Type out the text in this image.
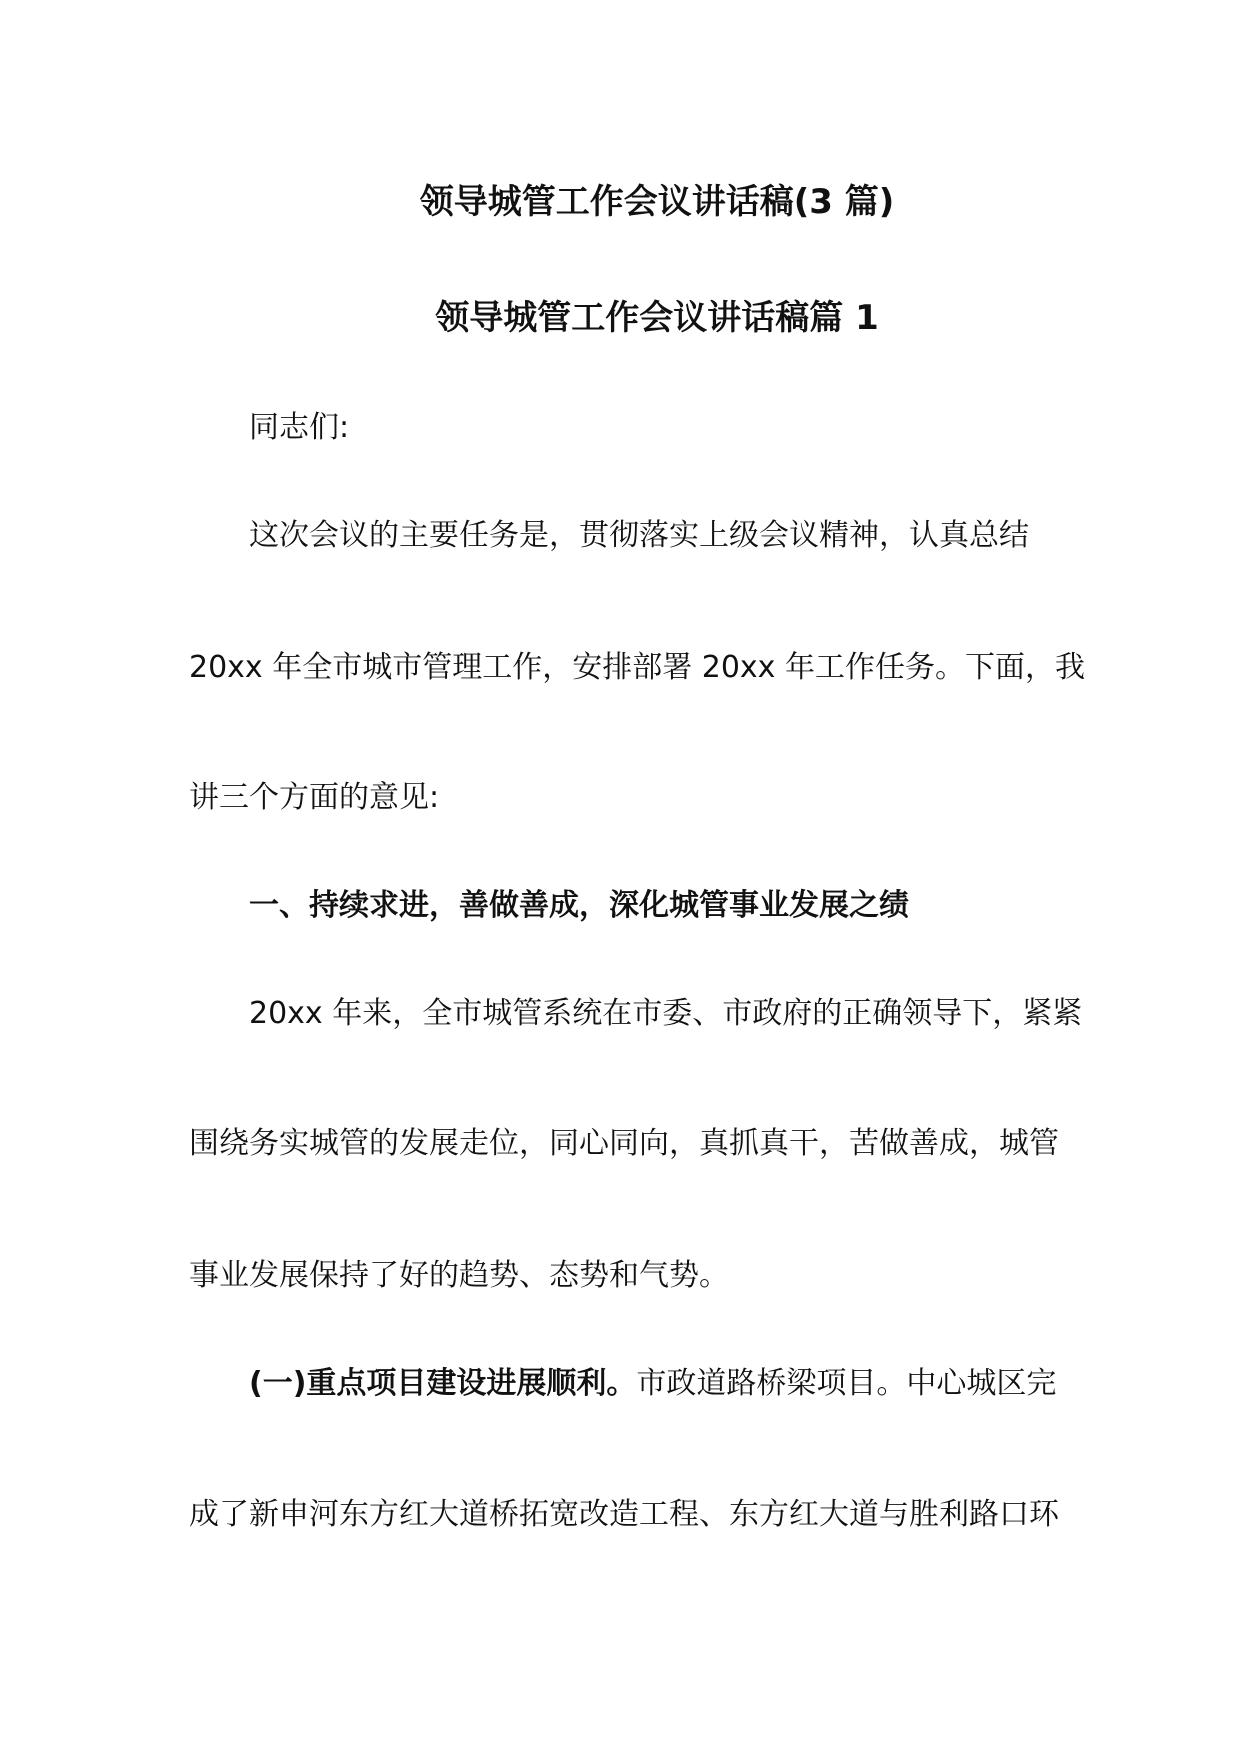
领导城管工作会议讲话稿(3 篇)
领导城管工作会议讲话稿篇 1
同志们:
这次会议的主要任务是，贯彻落实上级会议精神，认真总结
20xx 年全市城市管理工作，安排部署 20xx 年工作任务。下面，我
讲三个方面的意见:
一、持续求进，善做善成，深化城管事业发展之绩
20xx 年来，全市城管系统在市委、市政府的正确领导下，紧紧
围绕务实城管的发展走位，同心同向，真抓真干，苦做善成，城管
事业发展保持了好的趋势、态势和气势。
(一)重点项目建设进展顺利。市政道路桥梁项目。中心城区完
成了新申河东方红大道桥拓宽改造工程、东方红大道与胜利路口环
